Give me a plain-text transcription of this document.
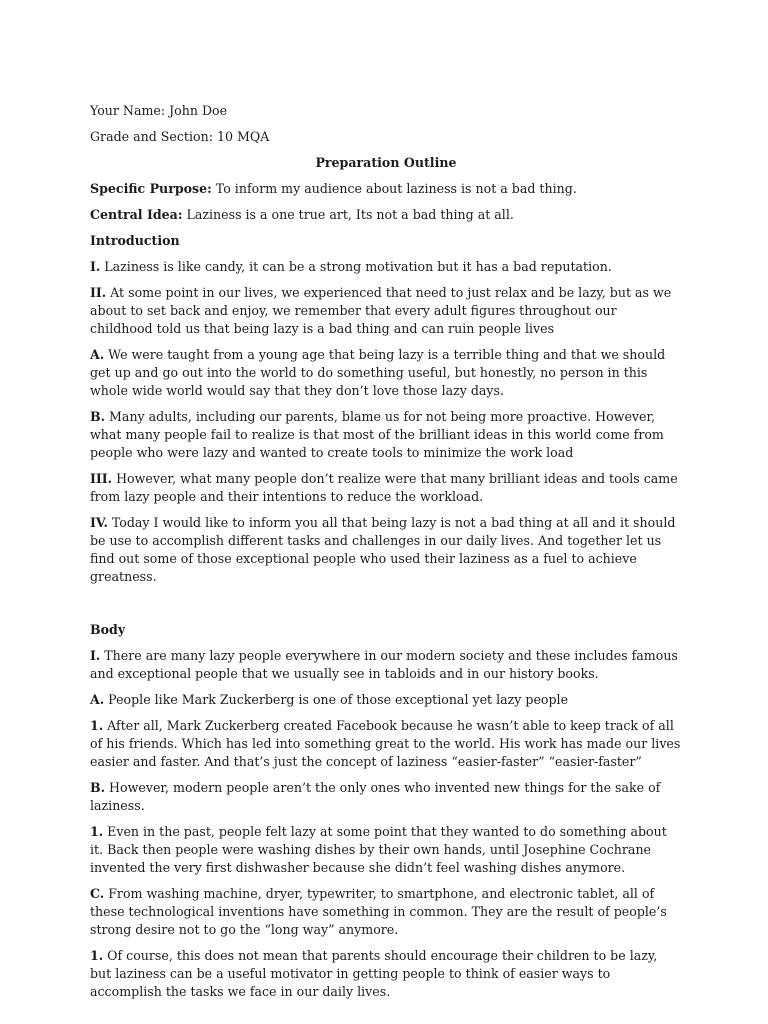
Your Name: John Doe

Grade and Section: 10 MQA

Preparation Outline

Specific Purpose: To inform my audience about laziness is not a bad thing.

Central Idea: Laziness is a one true art, Its not a bad thing at all.

Introduction

I. Laziness is like candy, it can be a strong motivation but it has a bad reputation.

II. At some point in our lives, we experienced that need to just relax and be lazy, but as we about to set back and enjoy, we remember that every adult figures throughout our childhood told us that being lazy is a bad thing and can ruin people lives

A. We were taught from a young age that being lazy is a terrible thing and that we should get up and go out into the world to do something useful, but honestly, no person in this whole wide world would say that they don’t love those lazy days.

B. Many adults, including our parents, blame us for not being more proactive. However, what many people fail to realize is that most of the brilliant ideas in this world come from people who were lazy and wanted to create tools to minimize the work load

III. However, what many people don’t realize were that many brilliant ideas and tools came from lazy people and their intentions to reduce the workload.

IV. Today I would like to inform you all that being lazy is not a bad thing at all and it should be use to accomplish different tasks and challenges in our daily lives. And together let us find out some of those exceptional people who used their laziness as a fuel to achieve greatness.

Body

I. There are many lazy people everywhere in our modern society and these includes famous and exceptional people that we usually see in tabloids and in our history books.

A. People like Mark Zuckerberg is one of those exceptional yet lazy people

1. After all, Mark Zuckerberg created Facebook because he wasn’t able to keep track of all of his friends. Which has led into something great to the world. His work has made our lives easier and faster. And that’s just the concept of laziness “easier-faster” “easier-faster”

B. However, modern people aren’t the only ones who invented new things for the sake of laziness.

1. Even in the past, people felt lazy at some point that they wanted to do something about it. Back then people were washing dishes by their own hands, until Josephine Cochrane invented the very first dishwasher because she didn’t feel washing dishes anymore.

C. From washing machine, dryer, typewriter, to smartphone, and electronic tablet, all of these technological inventions have something in common. They are the result of people’s strong desire not to go the “long way” anymore.

1. Of course, this does not mean that parents should encourage their children to be lazy, but laziness can be a useful motivator in getting people to think of easier ways to accomplish the tasks we face in our daily lives.
